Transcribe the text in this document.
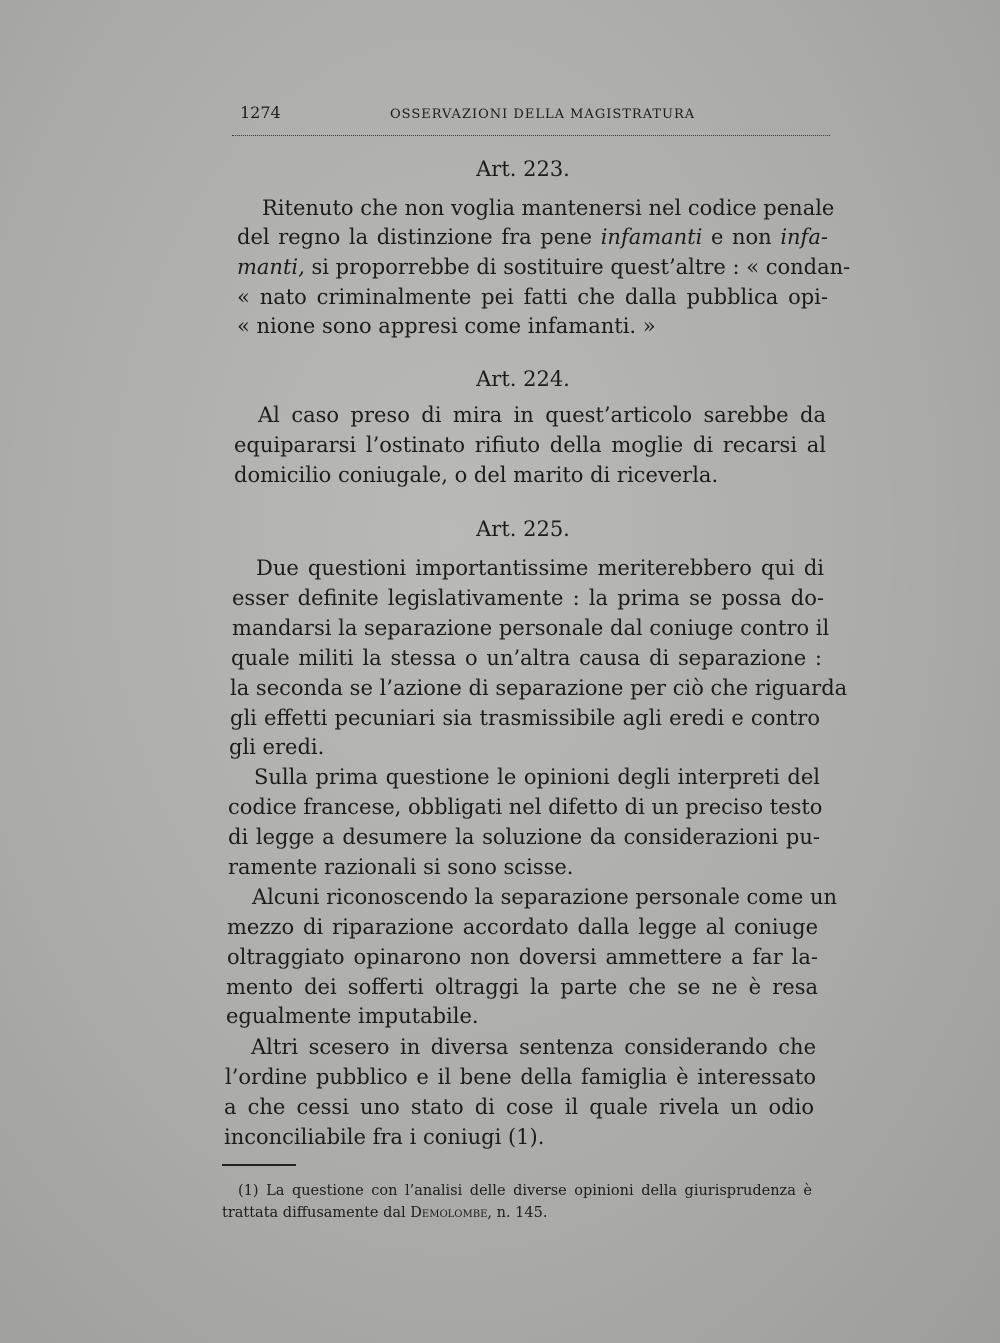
1274	OSSERVAZIONI DELLA MAGISTRATURA
Art. 223.
Ritenuto che non voglia mantenersi nel codice penale
del regno la distinzione fra pene infamanti e non infa-
manti, si proporrebbe di sostituire quest’altre : « condan-
« nato criminalmente pei fatti che dalla pubblica opi-
« nione sono appresi come infamanti. »
Art. 224.
Al caso preso di mira in quest’articolo sarebbe da
equipararsi l’ostinato rifiuto della moglie di recarsi al
domicilio coniugale, o del marito di riceverla.
Art. 225.
Due questioni importantissime meriterebbero qui di
esser definite legislativamente : la prima se possa do-
mandarsi la separazione personale dal coniuge contro il
quale militi la stessa o un’altra causa di separazione :
la seconda se l’azione di separazione per ciò che riguarda
gli effetti pecuniari sia trasmissibile agli eredi e contro
gli eredi.
Sulla prima questione le opinioni degli interpreti del
codice francese, obbligati nel difetto di un preciso testo
di legge a desumere la soluzione da considerazioni pu-
ramente razionali si sono scisse.
Alcuni riconoscendo la separazione personale come un
mezzo di riparazione accordato dalla legge al coniuge
oltraggiato opinarono non doversi ammettere a far la-
mento dei sofferti oltraggi la parte che se ne è resa
egualmente imputabile.
Altri scesero in diversa sentenza considerando che
l’ordine pubblico e il bene della famiglia è interessato
a che cessi uno stato di cose il quale rivela un odio
inconciliabile fra i coniugi (1).
(1) La questione con l’analisi delle diverse opinioni della giurisprudenza è
trattata diffusamente dal Demolombe, n. 145.
